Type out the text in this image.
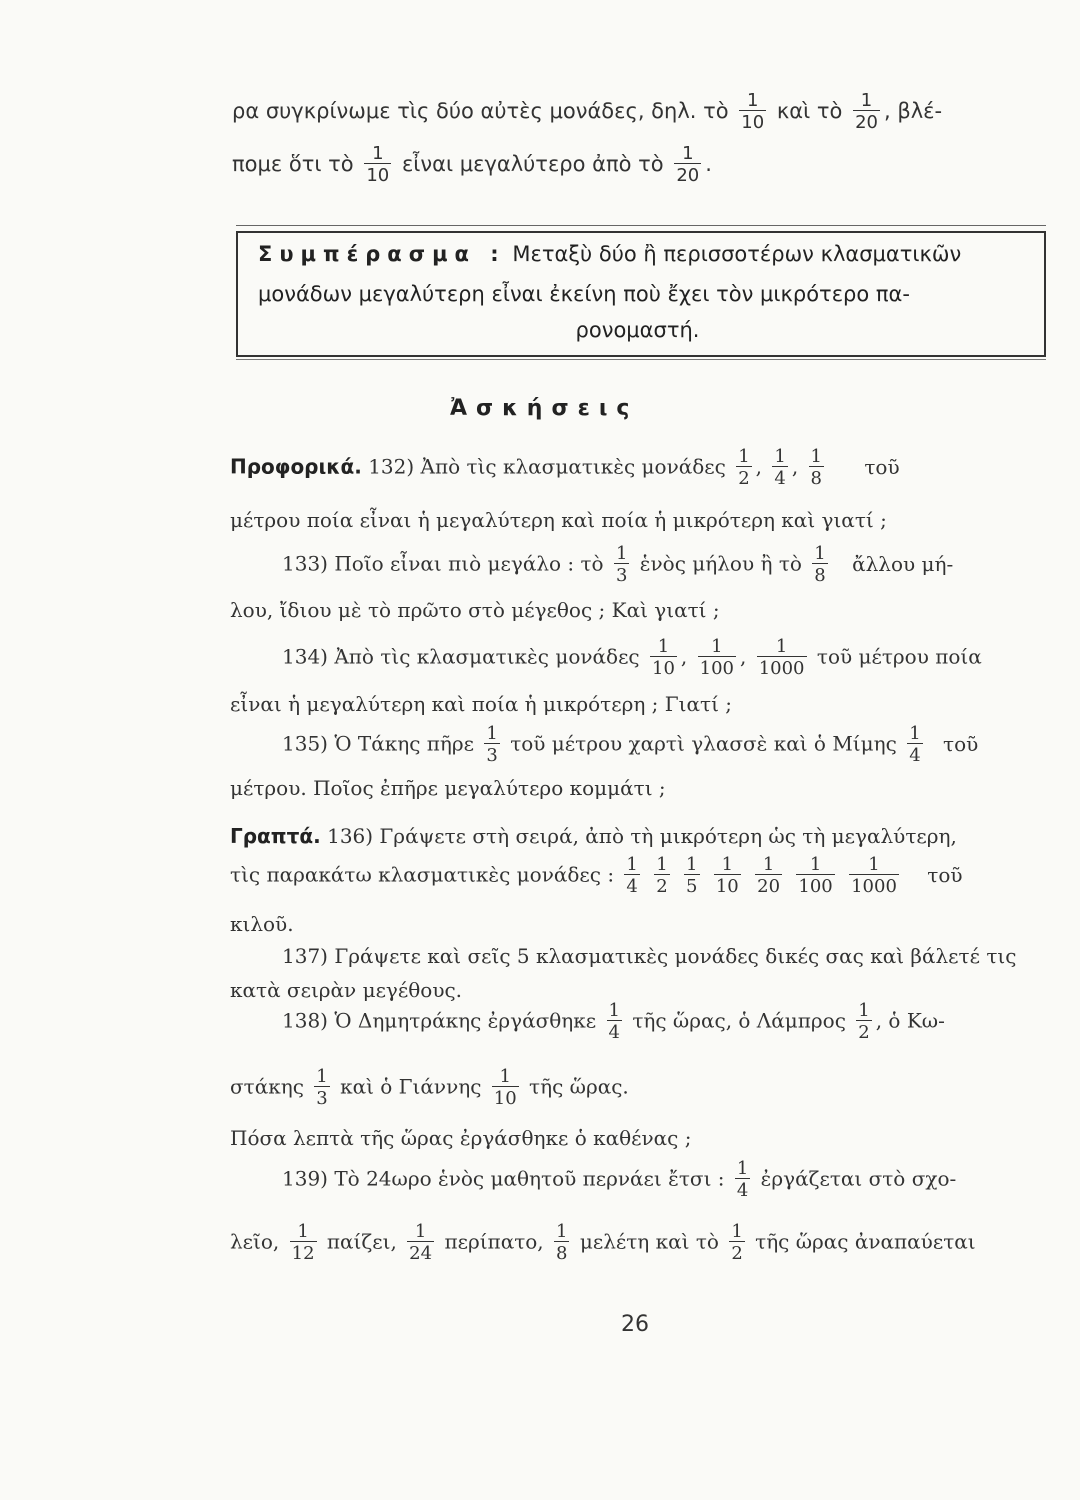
ρα συγκρίνωμε τὶς δύο αὐτὲς μονάδες, δηλ. τὸ $\frac{1}{10}$ καὶ τὸ $\frac{1}{20}$ , βλέ-
πομε ὅτι τὸ $\frac{1}{10}$ εἶναι μεγαλύτερο ἀπὸ τὸ $\frac{1}{20}$ .
Συμπέρασμα : Μεταξὺ δύο ἢ περισσοτέρων κλασματικῶν
μονάδων μεγαλύτερη εἶναι ἐκείνη ποὺ ἔχει τὸν μικρότερο πα-
ρονομαστή.
Ἀσκήσεις
Προφορικά. 132) Ἀπὸ τὶς κλασματικὲς μονάδες $\frac{1}{2}$ , $\frac{1}{4}$ , $\frac{1}{8}$ τοῦ
μέτρου ποία εἶναι ἡ μεγαλύτερη καὶ ποία ἡ μικρότερη καὶ γιατί ;
133) Ποῖο εἶναι πιὸ μεγάλο : τὸ $\frac{1}{3}$ ἑνὸς μήλου ἢ τὸ $\frac{1}{8}$ ἄλλου μή-
λου, ἴδιου μὲ τὸ πρῶτο στὸ μέγεθος ; Καὶ γιατί ;
134) Ἀπὸ τὶς κλασματικὲς μονάδες $\frac{1}{10}$ , $\frac{1}{100}$ , $\frac{1}{1000}$ τοῦ μέτρου ποία
εἶναι ἡ μεγαλύτερη καὶ ποία ἡ μικρότερη ; Γιατί ;
135) Ὁ Τάκης πῆρε $\frac{1}{3}$ τοῦ μέτρου χαρτὶ γλασσὲ καὶ ὁ Μίμης $\frac{1}{4}$ τοῦ
μέτρου. Ποῖος ἐπῆρε μεγαλύτερο κομμάτι ;
Γραπτά. 136) Γράψετε στὴ σειρά, ἀπὸ τὴ μικρότερη ὡς τὴ μεγαλύτερη,
τὶς παρακάτω κλασματικὲς μονάδες : $\frac{1}{4}$
$\frac{1}{2}$
$\frac{1}{5}$
$\frac{1}{10}$
$\frac{1}{20}$
$\frac{1}{100}$
$\frac{1}{1000}$ τοῦ
κιλοῦ.
137) Γράψετε καὶ σεῖς 5 κλασματικὲς μονάδες δικές σας καὶ βάλετέ τις
κατὰ σειρὰν μεγέθους.
138) Ὁ Δημητράκης ἐργάσθηκε $\frac{1}{4}$ τῆς ὥρας, ὁ Λάμπρος $\frac{1}{2}$ , ὁ Κω-
στάκης $\frac{1}{3}$ καὶ ὁ Γιάννης $\frac{1}{10}$ τῆς ὥρας.
Πόσα λεπτὰ τῆς ὥρας ἐργάσθηκε ὁ καθένας ;
139) Τὸ 24ωρο ἑνὸς μαθητοῦ περνάει ἔτσι : $\frac{1}{4}$ ἐργάζεται στὸ σχο-
λεῖο, $\frac{1}{12} \pi\alpha ί\zeta\varepsilon\iota$, $\frac{1}{24} \pi\varepsilon\rho ί\pi\alpha\tau o$, $\frac{1}{8}$ μελέτη καὶ τὸ $\frac{1}{2}$ τῆς ὥρας ἀναπαύεται
26
